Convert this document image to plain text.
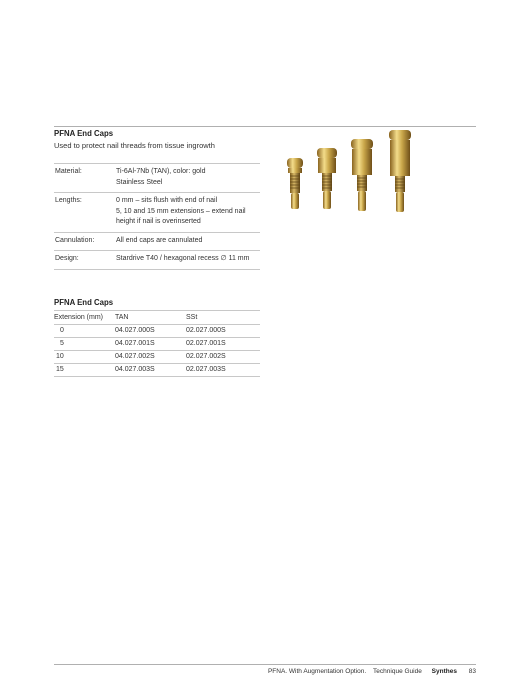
PFNA End Caps
Used to protect nail threads from tissue ingrowth
Material:	Ti-6Al-7Nb (TAN), color: gold
Stainless Steel

Lengths:	0 mm – sits flush with end of nail
5, 10 and 15 mm extensions – extend nail
height if nail is overinserted

Cannulation:	All end caps are cannulated

Design:	Stardrive T40 / hexagonal recess ∅ 11 mm
PFNA End Caps
Extension (mm)	TAN	SSt
0	04.027.000S	02.027.000S
5	04.027.001S	02.027.001S
10	04.027.002S	02.027.002S
15	04.027.003S	02.027.003S
PFNA. With Augmentation Option. Technique Guide Synthes 83
